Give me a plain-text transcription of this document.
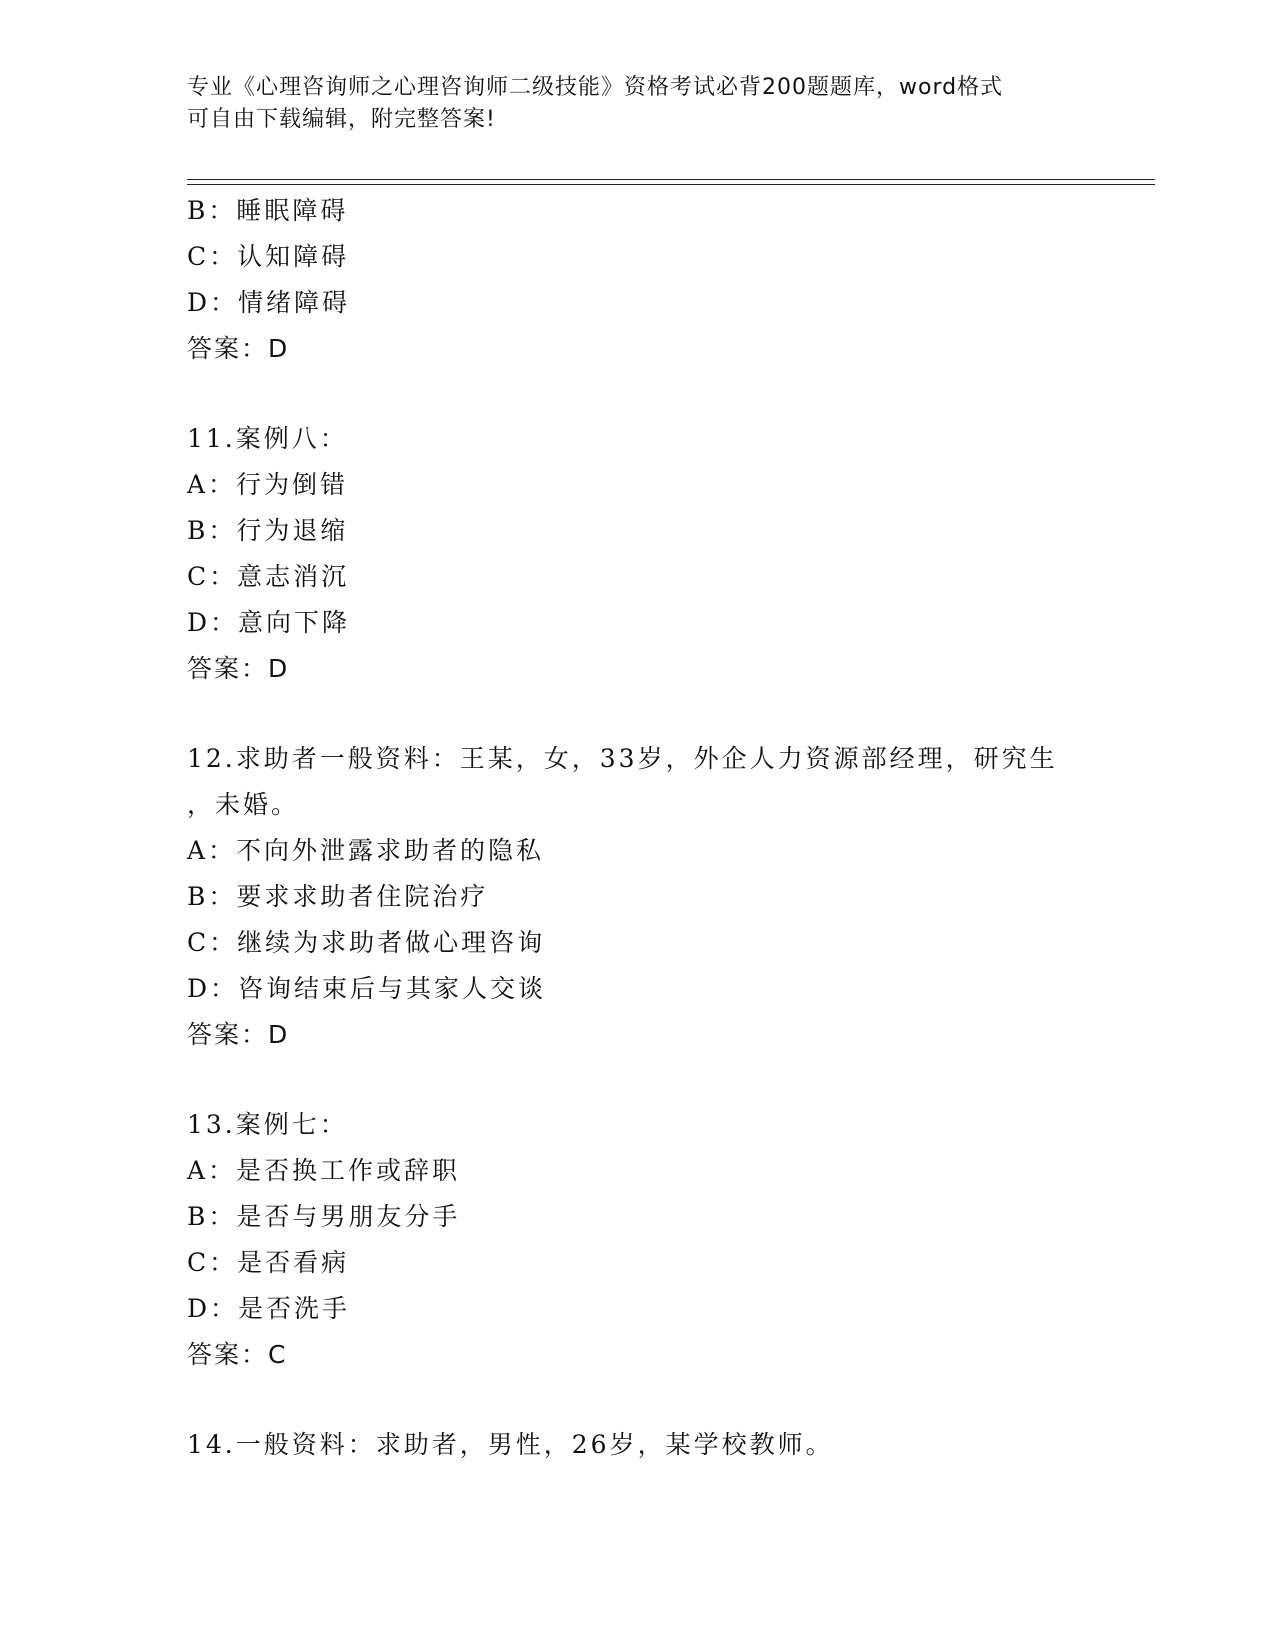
专业《心理咨询师之心理咨询师二级技能》资格考试必背200题题库，word格式
可自由下载编辑，附完整答案!
B：睡眠障碍
C：认知障碍
D：情绪障碍
答案：D
11.案例八：
A：行为倒错
B：行为退缩
C：意志消沉
D：意向下降
答案：D
12.求助者一般资料：王某，女，33岁，外企人力资源部经理，研究生
，未婚。
A：不向外泄露求助者的隐私
B：要求求助者住院治疗
C：继续为求助者做心理咨询
D：咨询结束后与其家人交谈
答案：D
13.案例七：
A：是否换工作或辞职
B：是否与男朋友分手
C：是否看病
D：是否洗手
答案：C
14.一般资料：求助者，男性，26岁，某学校教师。
